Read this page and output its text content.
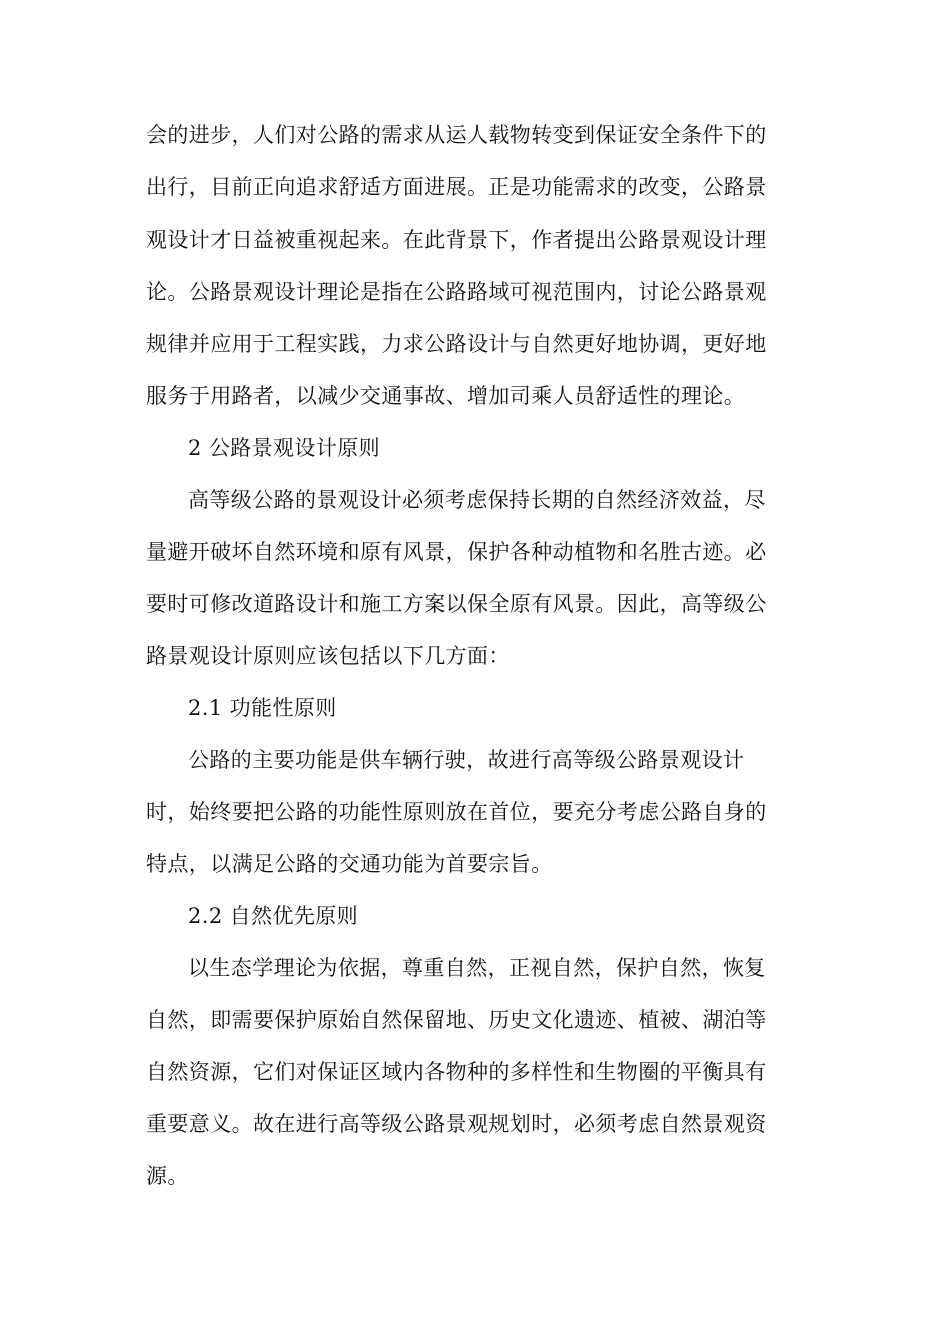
会的进步，人们对公路的需求从运人载物转变到保证安全条件下的
出行，目前正向追求舒适方面进展。正是功能需求的改变，公路景
观设计才日益被重视起来。在此背景下，作者提出公路景观设计理
论。公路景观设计理论是指在公路路域可视范围内，讨论公路景观
规律并应用于工程实践，力求公路设计与自然更好地协调，更好地
服务于用路者，以减少交通事故、增加司乘人员舒适性的理论。
2 公路景观设计原则
高等级公路的景观设计必须考虑保持长期的自然经济效益，尽
量避开破坏自然环境和原有风景，保护各种动植物和名胜古迹。必
要时可修改道路设计和施工方案以保全原有风景。因此，高等级公
路景观设计原则应该包括以下几方面：
2.1 功能性原则
公路的主要功能是供车辆行驶，故进行高等级公路景观设计
时，始终要把公路的功能性原则放在首位，要充分考虑公路自身的
特点，以满足公路的交通功能为首要宗旨。
2.2 自然优先原则
以生态学理论为依据，尊重自然，正视自然，保护自然，恢复
自然，即需要保护原始自然保留地、历史文化遗迹、植被、湖泊等
自然资源，它们对保证区域内各物种的多样性和生物圈的平衡具有
重要意义。故在进行高等级公路景观规划时，必须考虑自然景观资
源。
